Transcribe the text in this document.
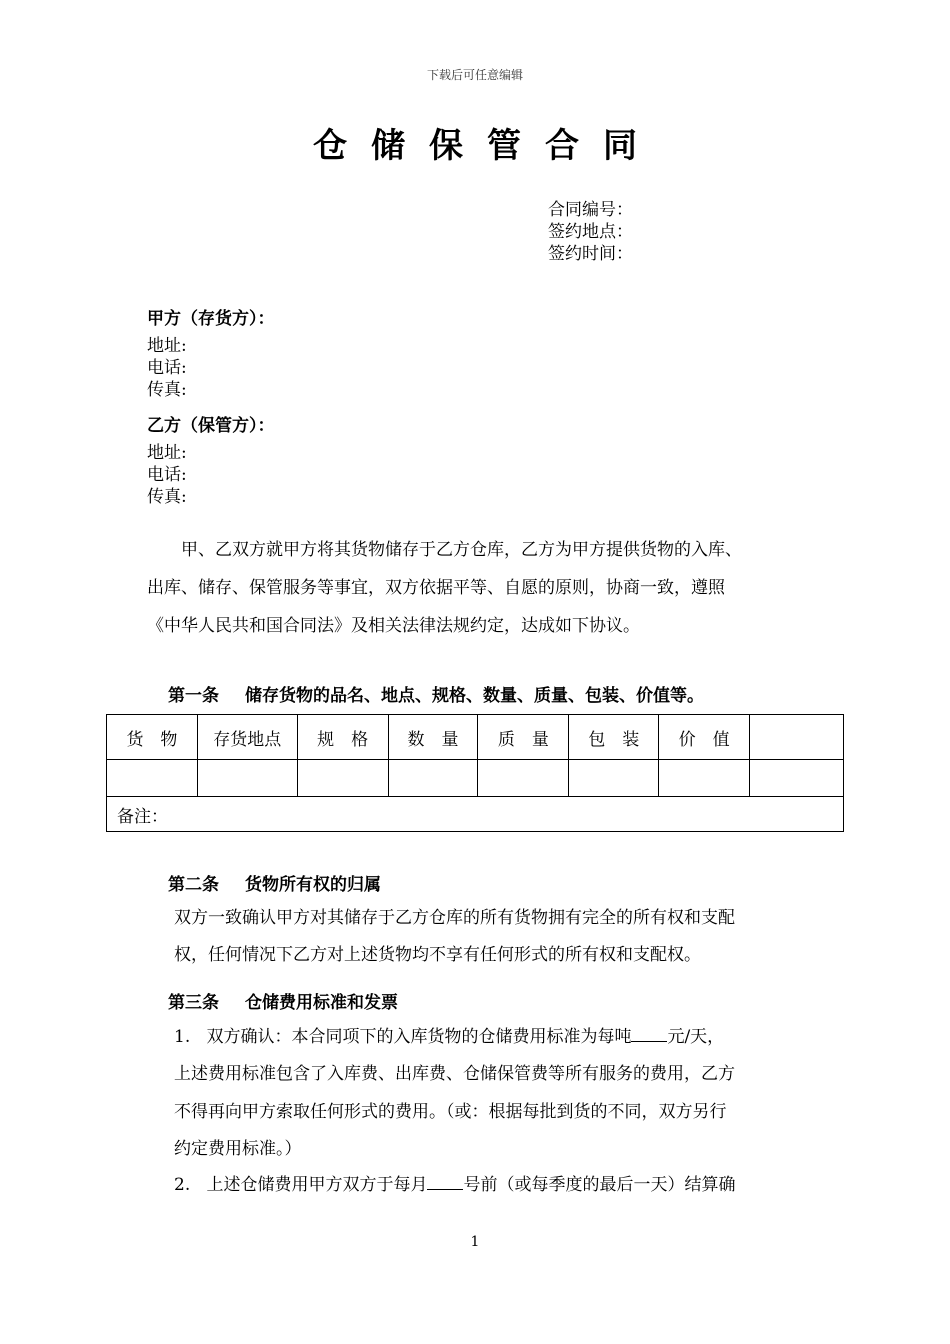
下载后可任意编辑
仓储保管合同
合同编号：
签约地点：
签约时间：
甲方（存货方）：
地址:
电话:
传真:
乙方（保管方）：
地址:
电话:
传真:
甲、乙双方就甲方将其货物储存于乙方仓库，乙方为甲方提供货物的入库、
出库、储存、保管服务等事宜，双方依据平等、自愿的原则，协商一致，遵照
《中华人民共和国合同法》及相关法律法规约定，达成如下协议。
第一条 储存货物的品名、地点、规格、数量、质量、包装、价值等。
货　物	存货地点	规　格	数　量	质　量	包　装	价　值	

备注：							
第二条 货物所有权的归属
双方一致确认甲方对其储存于乙方仓库的所有货物拥有完全的所有权和支配
权，任何情况下乙方对上述货物均不享有任何形式的所有权和支配权。
第三条 仓储费用标准和发票
1. 双方确认：本合同项下的入库货物的仓储费用标准为每吨 元/天，
上述费用标准包含了入库费、出库费、仓储保管费等所有服务的费用，乙方
不得再向甲方索取任何形式的费用。（或：根据每批到货的不同，双方另行
约定费用标准。）
2. 上述仓储费用甲方双方于每月 号前（或每季度的最后一天）结算确
1
